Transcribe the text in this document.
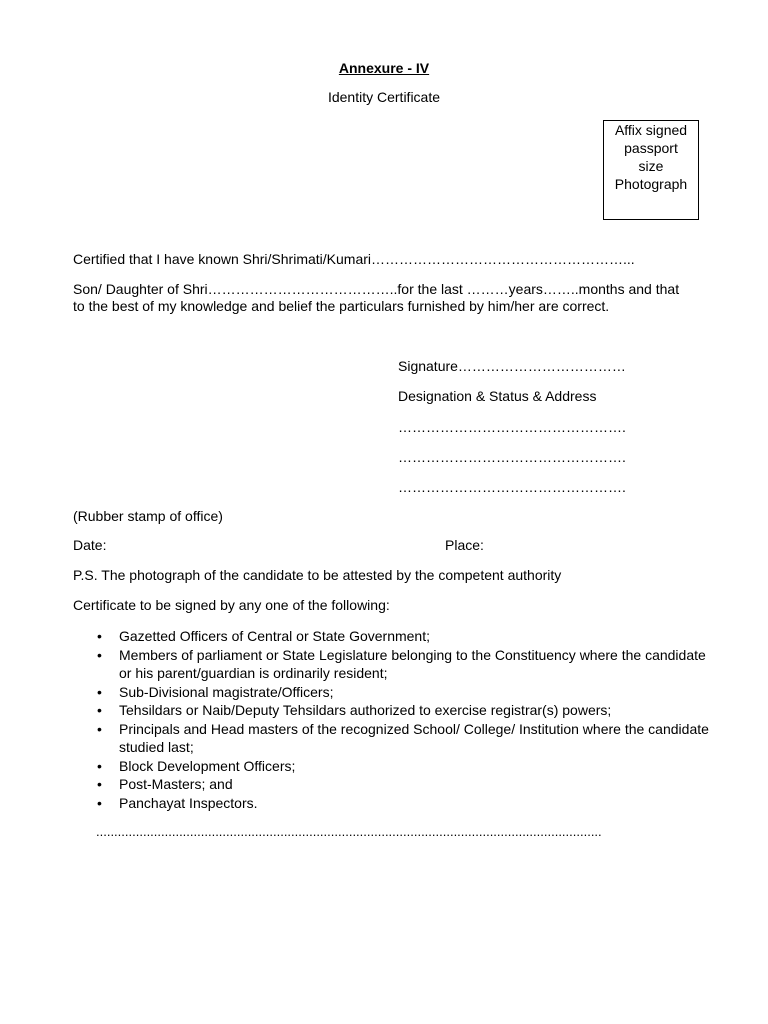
Annexure - IV
Identity Certificate
Affix signed
passport
size
Photograph
Certified that I have known Shri/Shrimati/Kumari………………………………………………...
Son/ Daughter of Shri…………………………………..for the last ………years……..months and that
to the best of my knowledge and belief the particulars furnished by him/her are correct.
Signature………………………………
Designation & Status & Address
………………………………………….
………………………………………….
………………………………………….
(Rubber stamp of office)
Date:	Place:
P.S. The photograph of the candidate to be attested by the competent authority
Certificate to be signed by any one of the following:
• Gazetted Officers of Central or State Government;
• Members of parliament or State Legislature belonging to the Constituency where the candidate or his parent/guardian is ordinarily resident;
• Sub-Divisional magistrate/Officers;
• Tehsildars or Naib/Deputy Tehsildars authorized to exercise registrar(s) powers;
• Principals and Head masters of the recognized School/ College/ Institution where the candidate studied last;
• Block Development Officers;
• Post-Masters; and
• Panchayat Inspectors.
............................................................................................................................................
